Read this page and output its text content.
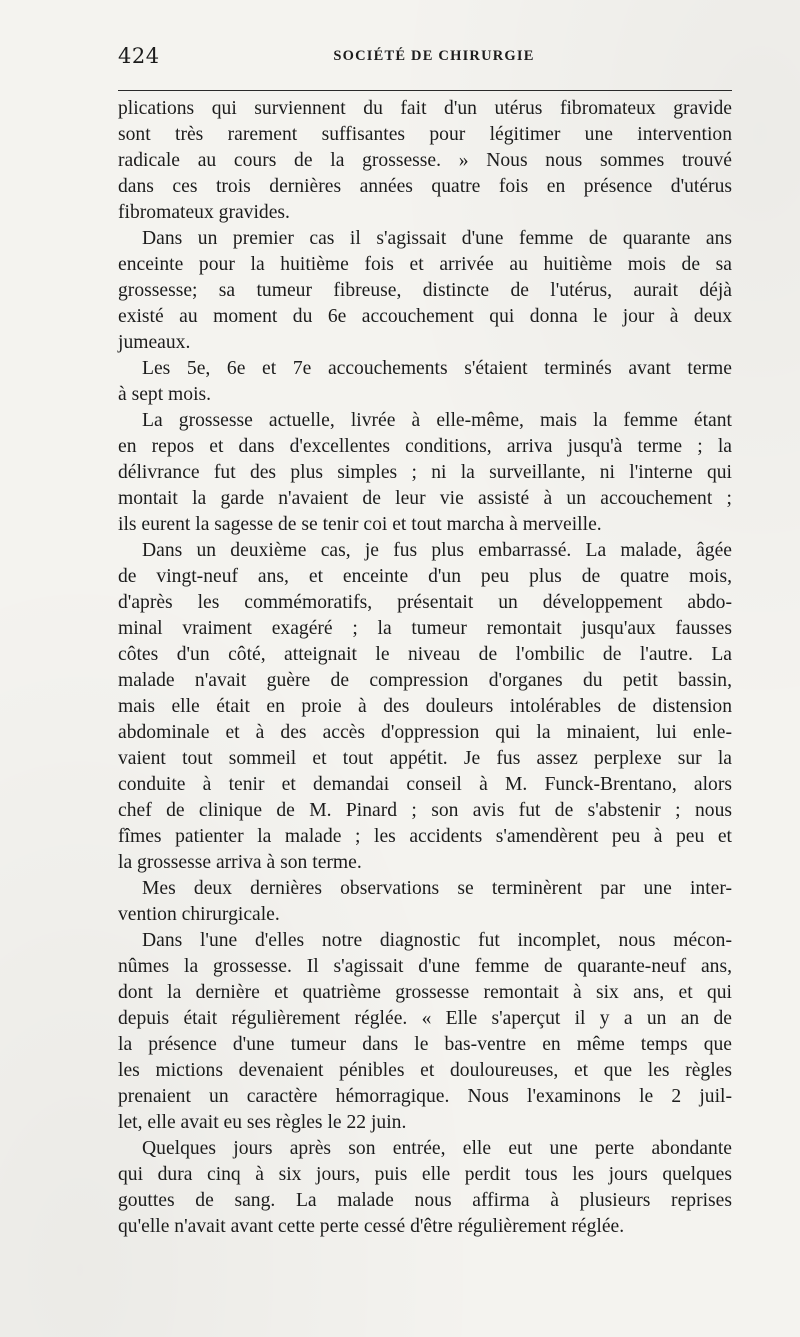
424	SOCIÉTÉ DE CHIRURGIE
plications qui surviennent du fait d'un utérus fibromateux gravide
sont très rarement suffisantes pour légitimer une intervention
radicale au cours de la grossesse. » Nous nous sommes trouvé
dans ces trois dernières années quatre fois en présence d'utérus
fibromateux gravides.
Dans un premier cas il s'agissait d'une femme de quarante ans
enceinte pour la huitième fois et arrivée au huitième mois de sa
grossesse; sa tumeur fibreuse, distincte de l'utérus, aurait déjà
existé au moment du 6e accouchement qui donna le jour à deux
jumeaux.
Les 5e, 6e et 7e accouchements s'étaient terminés avant terme
à sept mois.
La grossesse actuelle, livrée à elle-même, mais la femme étant
en repos et dans d'excellentes conditions, arriva jusqu'à terme ; la
délivrance fut des plus simples ; ni la surveillante, ni l'interne qui
montait la garde n'avaient de leur vie assisté à un accouchement ;
ils eurent la sagesse de se tenir coi et tout marcha à merveille.
Dans un deuxième cas, je fus plus embarrassé. La malade, âgée
de vingt-neuf ans, et enceinte d'un peu plus de quatre mois,
d'après les commémoratifs, présentait un développement abdo-
minal vraiment exagéré ; la tumeur remontait jusqu'aux fausses
côtes d'un côté, atteignait le niveau de l'ombilic de l'autre. La
malade n'avait guère de compression d'organes du petit bassin,
mais elle était en proie à des douleurs intolérables de distension
abdominale et à des accès d'oppression qui la minaient, lui enle-
vaient tout sommeil et tout appétit. Je fus assez perplexe sur la
conduite à tenir et demandai conseil à M. Funck-Brentano, alors
chef de clinique de M. Pinard ; son avis fut de s'abstenir ; nous
fîmes patienter la malade ; les accidents s'amendèrent peu à peu et
la grossesse arriva à son terme.
Mes deux dernières observations se terminèrent par une inter-
vention chirurgicale.
Dans l'une d'elles notre diagnostic fut incomplet, nous mécon-
nûmes la grossesse. Il s'agissait d'une femme de quarante-neuf ans,
dont la dernière et quatrième grossesse remontait à six ans, et qui
depuis était régulièrement réglée. « Elle s'aperçut il y a un an de
la présence d'une tumeur dans le bas-ventre en même temps que
les mictions devenaient pénibles et douloureuses, et que les règles
prenaient un caractère hémorragique. Nous l'examinons le 2 juil-
let, elle avait eu ses règles le 22 juin.
Quelques jours après son entrée, elle eut une perte abondante
qui dura cinq à six jours, puis elle perdit tous les jours quelques
gouttes de sang. La malade nous affirma à plusieurs reprises
qu'elle n'avait avant cette perte cessé d'être régulièrement réglée.
